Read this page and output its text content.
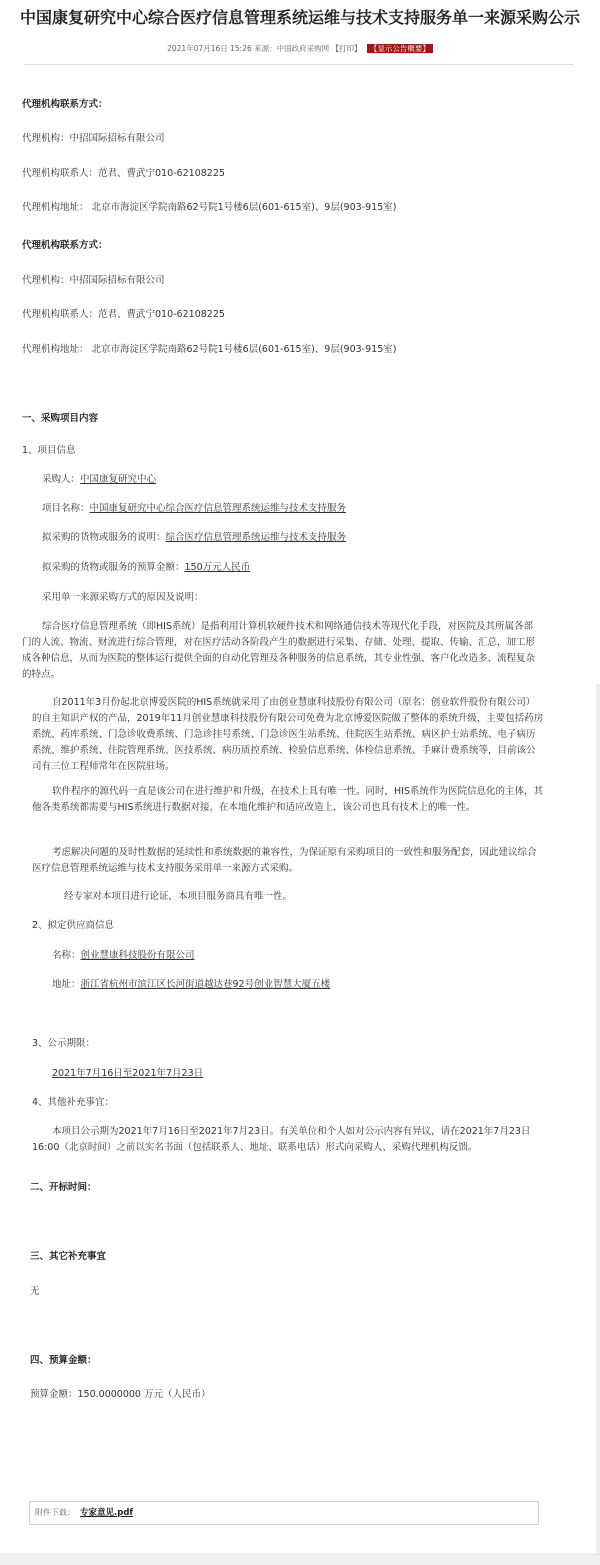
中国康复研究中心综合医疗信息管理系统运维与技术支持服务单一来源采购公示
2021年07月16日 15:26 来源：中国政府采购网 【打印】 【显示公告概要】
代理机构联系方式：
代理机构：中招国际招标有限公司
代理机构联系人：范君、曹武宁010-62108225
代理机构地址： 北京市海淀区学院南路62号院1号楼6层(601-615室)、9层(903-915室)
代理机构联系方式：
代理机构：中招国际招标有限公司
代理机构联系人：范君、曹武宁010-62108225
代理机构地址： 北京市海淀区学院南路62号院1号楼6层(601-615室)、9层(903-915室)
一、采购项目内容
1、项目信息
采购人：中国康复研究中心
项目名称：中国康复研究中心综合医疗信息管理系统运维与技术支持服务
拟采购的货物或服务的说明：综合医疗信息管理系统运维与技术支持服务
拟采购的货物或服务的预算金额：150万元人民币
采用单一来源采购方式的原因及说明：
综合医疗信息管理系统（即HIS系统）是指利用计算机软硬件技术和网络通信技术等现代化手段，对医院及其所属各部门的人流、物流、财流进行综合管理，对在医疗活动各阶段产生的数据进行采集、存储、处理、提取、传输、汇总，加工形成各种信息，从而为医院的整体运行提供全面的自动化管理及各种服务的信息系统，其专业性强、客户化改造多、流程复杂的特点。
自2011年3月份起北京博爱医院的HIS系统就采用了由创业慧康科技股份有限公司（原名：创业软件股份有限公司）的自主知识产权的产品，2019年11月创业慧康科技股份有限公司免费为北京博爱医院做了整体的系统升级，主要包括药房系统、药库系统、门急诊收费系统、门急诊挂号系统、门急诊医生站系统、住院医生站系统、病区护士站系统、电子病历系统、维护系统、住院管理系统、医技系统、病历质控系统、检验信息系统、体检信息系统、手麻计费系统等，目前该公司有三位工程师常年在医院驻场。
软件程序的源代码一直是该公司在进行维护和升级，在技术上具有唯一性。同时，HIS系统作为医院信息化的主体，其他各类系统都需要与HIS系统进行数据对接，在本地化维护和适应改造上，该公司也具有技术上的唯一性。
考虑解决问题的及时性数据的延续性和系统数据的兼容性，为保证原有采购项目的一致性和服务配套，因此建议综合医疗信息管理系统运维与技术支持服务采用单一来源方式采购。
经专家对本项目进行论证，本项目服务商具有唯一性。
2、拟定供应商信息
名称：创业慧康科技股份有限公司
地址：浙江省杭州市滨江区长河街道越达巷92号创业智慧大厦五楼
3、公示期限：
2021年7月16日至2021年7月23日
4、其他补充事宜：
本项目公示期为2021年7月16日至2021年7月23日。有关单位和个人如对公示内容有异议，请在2021年7月23日16:00（北京时间）之前以实名书面（包括联系人、地址、联系电话）形式向采购人、采购代理机构反馈。
二、开标时间：
三、其它补充事宜
无
四、预算金额：
预算金额：150.0000000 万元（人民币）
附件下载： 专家意见.pdf
